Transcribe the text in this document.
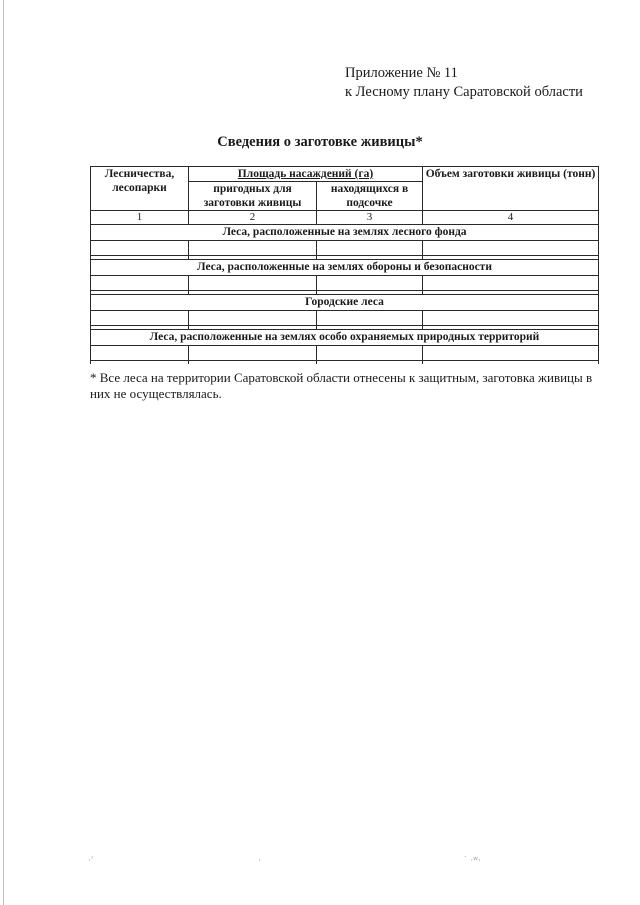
Приложение № 11
к Лесному плану Саратовской области
Сведения о заготовке живицы*
Лесничества, лесопарки	Площадь насаждений (га)		Объем заготовки живицы (тонн)
	пригодных для заготовки живицы	находящихся в подсочке	
1	2	3	4
Леса, расположенные на землях лесного фонда			

Леса, расположенные на землях обороны и безопасности			

Городские леса			

Леса, расположенные на землях особо охраняемых природных территорий			

* Все леса на территории Саратовской области отнесены к защитным, заготовка живицы в них не осуществлялась.
·ˈ	·	˙ ·ʷ·
